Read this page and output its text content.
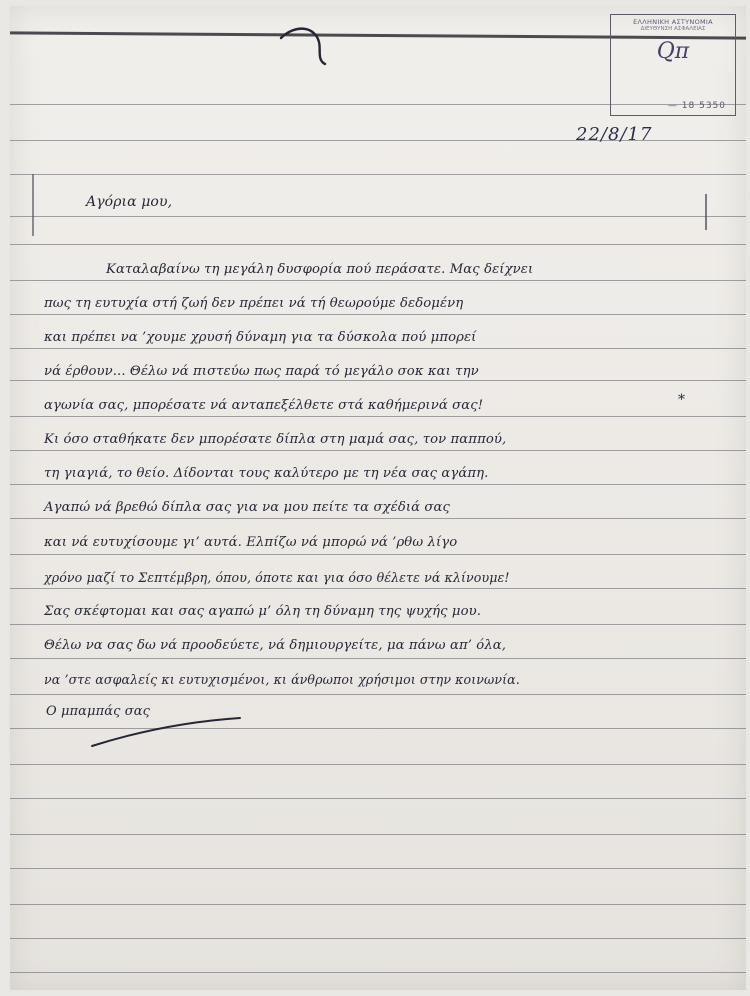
ΕΛΛΗΝΙΚΗ ΑΣΤΥΝΟΜΙΑ
ΔΙΕΥΘΥΝΣΗ ΑΣΦΑΛΕΙΑΣ
Qπ
— 18 5350
22/8/17
Αγόρια μου,
Καταλαβαίνω τη μεγάλη δυσφορία πού περάσατε. Μας δείχνει
πως τη ευτυχία στή ζωή δεν πρέπει νά τή θεωρούμε δεδομένη
και πρέπει να ’χουμε χρυσή δύναμη για τα δύσκολα πού μπορεί
νά έρθουν... Θέλω νά πιστεύω πως παρά τό μεγάλο σοκ και την
αγωνία σας, μπορέσατε νά ανταπεξέλθετε στά καθήμερινά σας!	*
Κι όσο σταθήκατε δεν μπορέσατε δίπλα στη μαμά σας, τον παππού,
τη γιαγιά, το θείο. Δίδονται τους καλύτερο με τη νέα σας αγάπη.
Αγαπώ νά βρεθώ δίπλα σας για να μου πείτε τα σχέδιά σας
και νά ευτυχίσουμε γι’ αυτά. Ελπίζω νά μπορώ νά ’ρθω λίγο
χρόνο μαζί το Σεπτέμβρη, όπου, όποτε και για όσο θέλετε νά κλίνουμε!
Σας σκέφτομαι και σας αγαπώ μ’ όλη τη δύναμη της ψυχής μου.
Θέλω να σας δω νά προοδεύετε, νά δημιουργείτε, μα πάνω απ’ όλα,
να ’στε ασφαλείς κι ευτυχισμένοι, κι άνθρωποι χρήσιμοι στην κοινωνία.
Ο μπαμπάς σας
